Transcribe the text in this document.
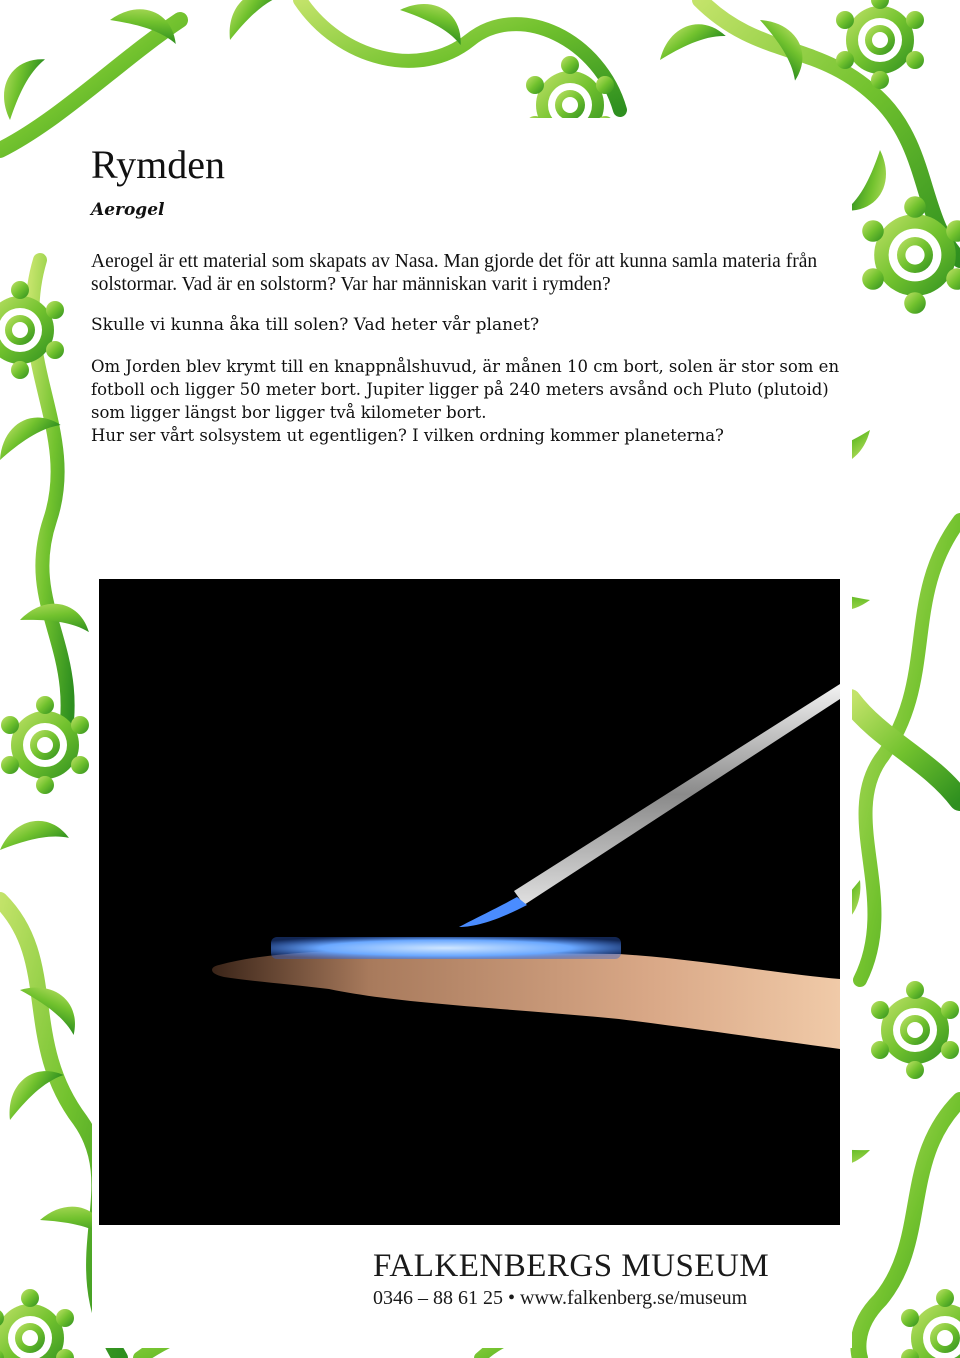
Rymden
Aerogel

Aerogel är ett material som skapats av Nasa. Man gjorde det för att kunna samla materia från solstormar. Vad är en solstorm? Var har människan varit i rymden?

Skulle vi kunna åka till solen? Vad heter vår planet?

Om Jorden blev krymt till en knappnålshuvud, är månen 10 cm bort, solen är stor som en fotboll och ligger 50 meter bort. Jupiter ligger på 240 meters avsånd och Pluto (plutoid) som ligger längst bor ligger två kilometer bort.
Hur ser vårt solsystem ut egentligen? I vilken ordning kommer planeterna?

FALKENBERGS MUSEUM
0346 – 88 61 25 • www.falkenberg.se/museum
